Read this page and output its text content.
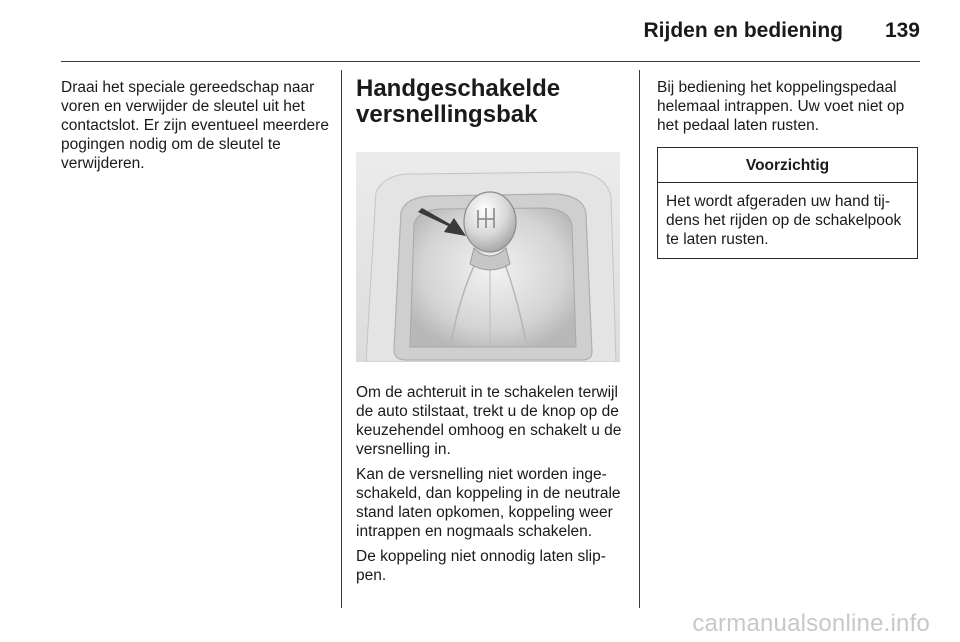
Rijden en bediening	139

Draai het speciale gereedschap naar voren en verwijder de sleutel uit het contactslot. Er zijn eventueel meerdere pogingen nodig om de sleutel te verwijderen.

Handgeschakelde versnellingsbak

Om de achteruit in te schakelen terwijl de auto stilstaat, trekt u de knop op de keuzehendel omhoog en schakelt u de versnelling in.

Kan de versnelling niet worden ingeschakeld, dan koppeling in de neutrale stand laten opkomen, koppeling weer intrappen en nogmaals schakelen.

De koppeling niet onnodig laten slippen.

Bij bediening het koppelingspedaal helemaal intrappen. Uw voet niet op het pedaal laten rusten.

Voorzichtig
Het wordt afgeraden uw hand tijdens het rijden op de schakelpook te laten rusten.
carmanualsonline.info
